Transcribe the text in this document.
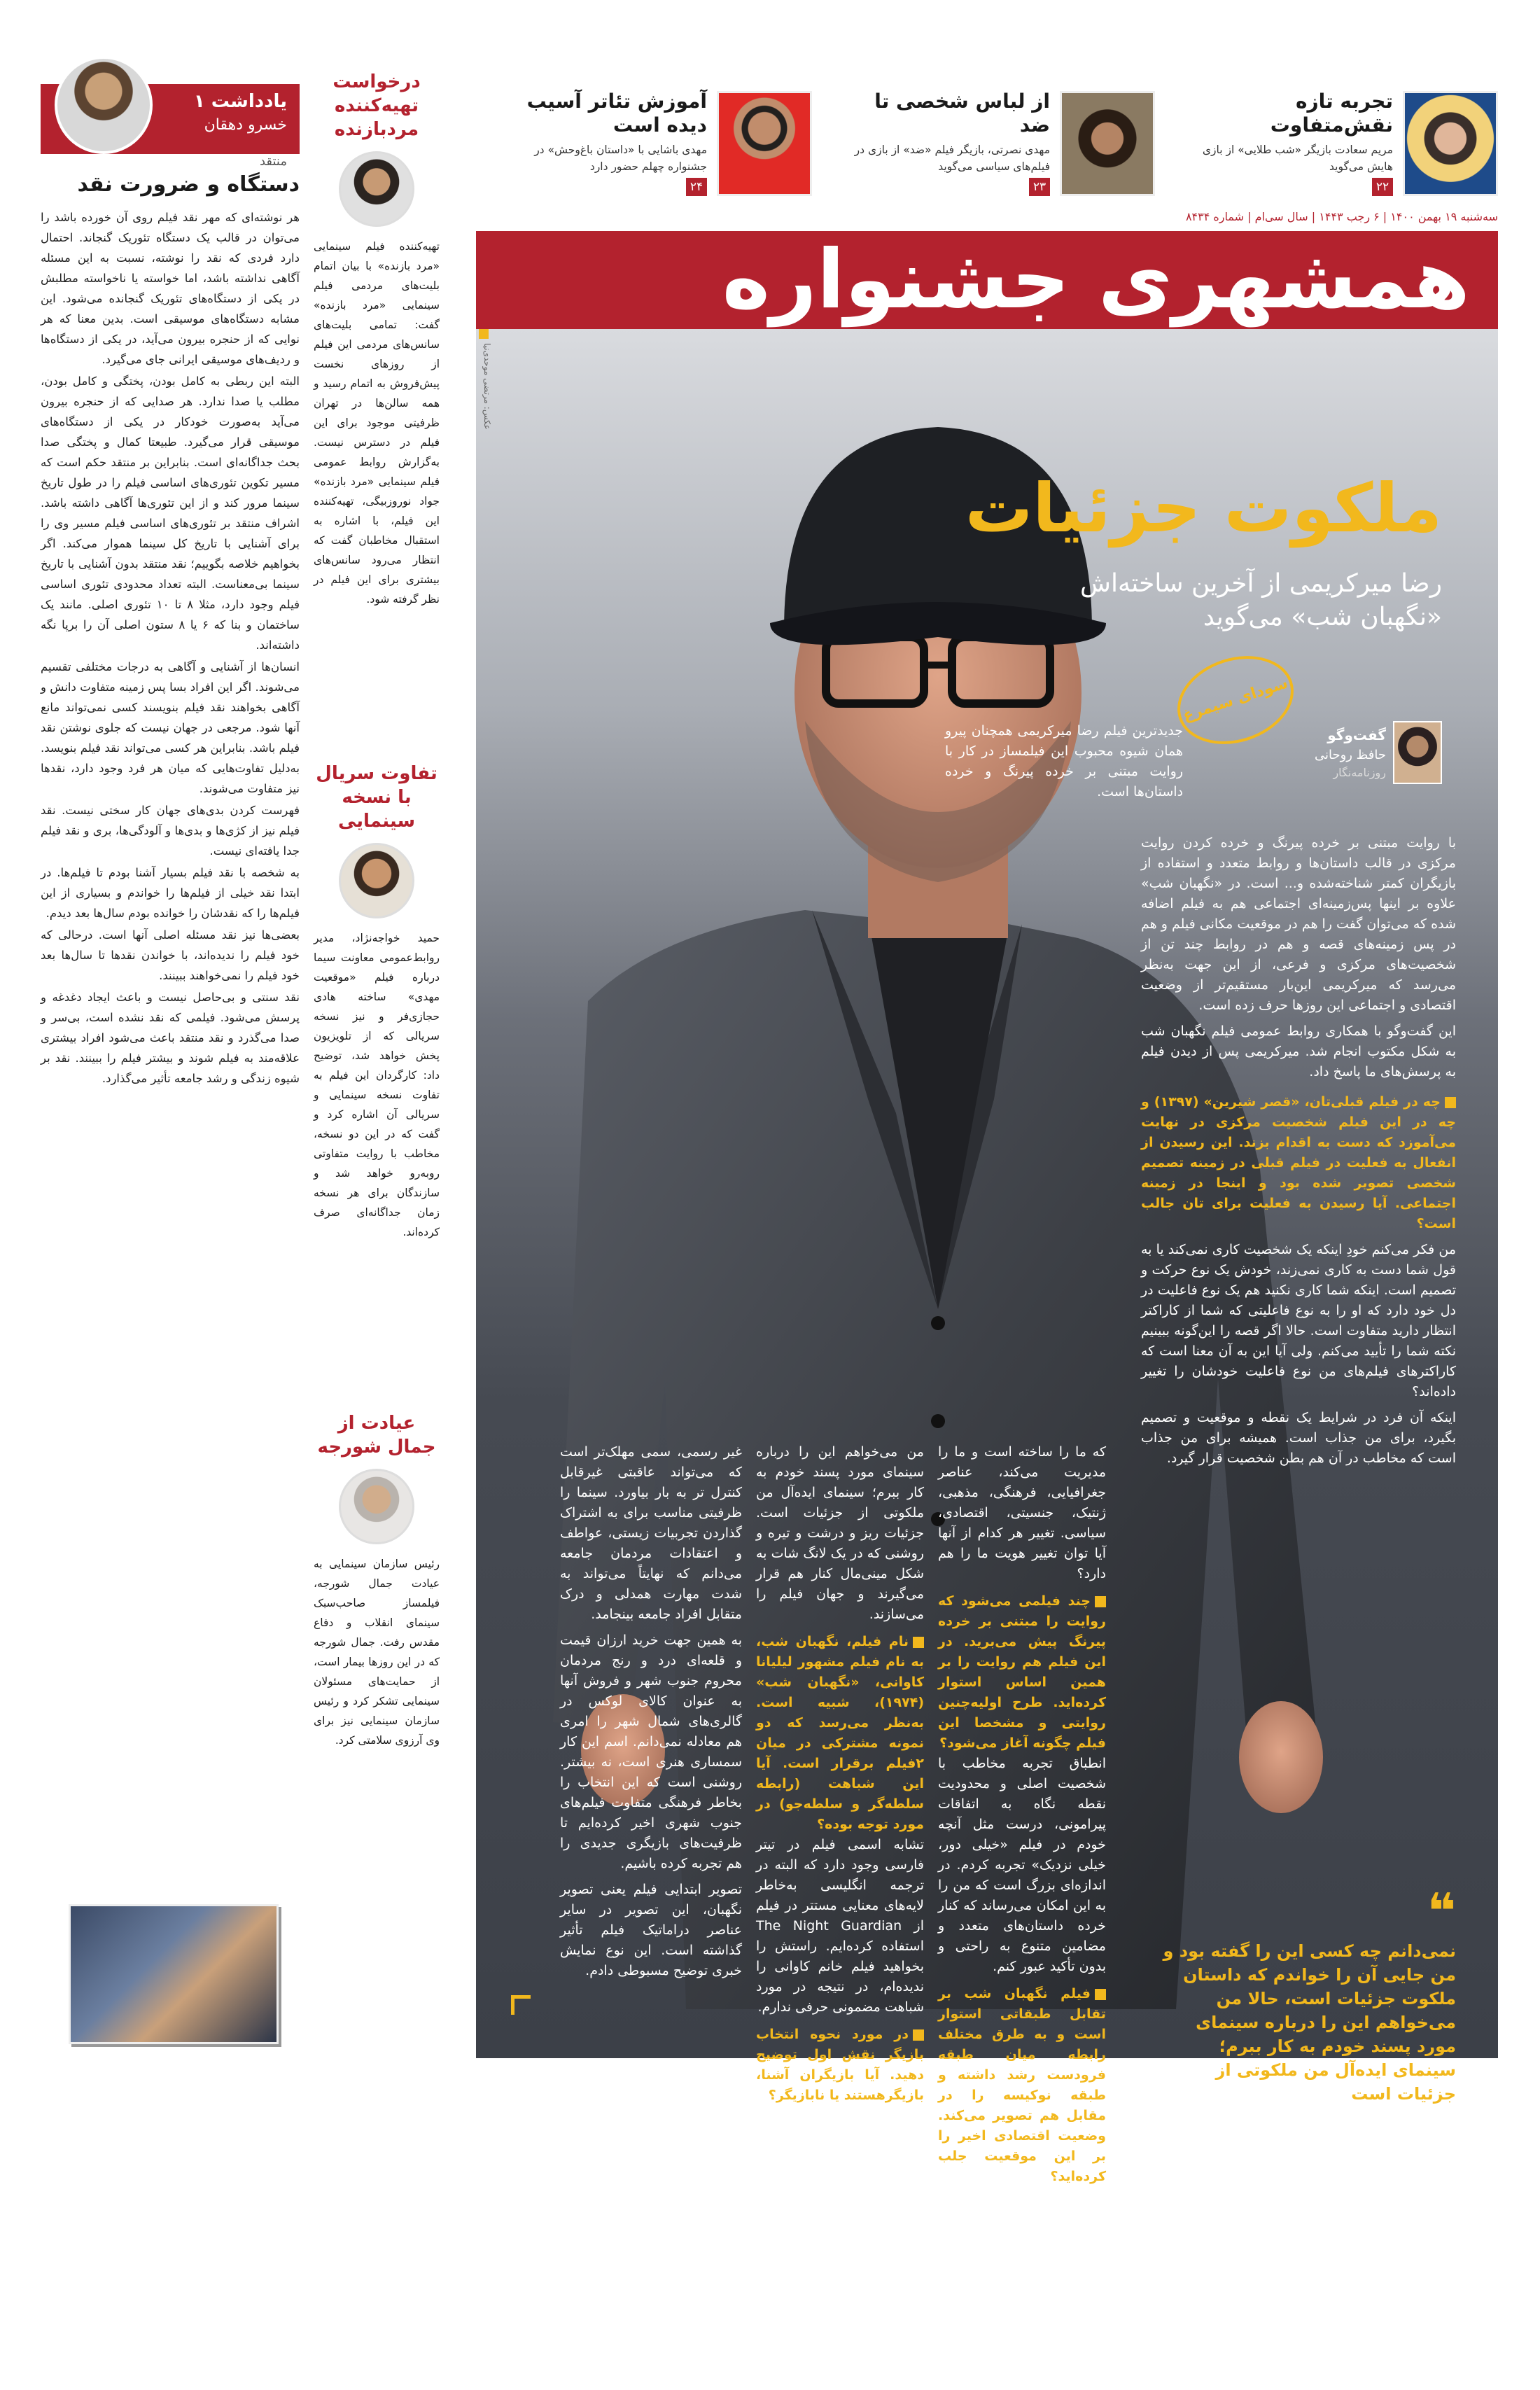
یادداشت ۱
خسرو دهقان
منتقد
دستگاه و ضرورت نقد

هر نوشته‌ای که مهر نقد فیلم روی آن خورده باشد را می‌توان در قالب یک دستگاه تئوریک گنجاند. احتمال دارد فردی که نقد را نوشته، نسبت به این مسئله آگاهی نداشته باشد، اما خواسته یا ناخواسته مطلبش در یکی از دستگاه‌های تئوریک گنجانده می‌شود. این مشابه دستگاه‌های موسیقی است. بدین معنا که هر نوایی که از حنجره بیرون می‌آید، در یکی از دستگاه‌ها و ردیف‌های موسیقی ایرانی جای می‌گیرد.

البته این ربطی به کامل بودن، پختگی و کامل بودن، مطلب یا صدا ندارد. هر صدایی که از حنجره بیرون می‌آید به‌صورت خودکار در یکی از دستگاه‌های موسیقی قرار می‌گیرد. طبیعتا کمال و پختگی صدا بحث جداگانه‌ای است. بنابراین بر منتقد حکم است که مسیر تکوین تئوری‌های اساسی فیلم را در طول تاریخ سینما مرور کند و از این تئوری‌ها آگاهی داشته باشد. اشراف منتقد بر تئوری‌های اساسی فیلم مسیر وی را برای آشنایی با تاریخ کل سینما هموار می‌کند. اگر بخواهیم خلاصه بگوییم؛ نقد منتقد بدون آشنایی با تاریخ سینما بی‌معناست. البته تعداد محدودی تئوری اساسی فیلم وجود دارد، مثلا ۸ تا ۱۰ تئوری اصلی. مانند یک ساختمان و بنا که ۶ یا ۸ ستون اصلی آن را برپا نگه داشته‌اند.

انسان‌ها از آشنایی و آگاهی به درجات مختلفی تقسیم می‌شوند. اگر این افراد بسا پس زمینه متفاوت دانش و آگاهی بخواهند نقد فیلم بنویسند کسی نمی‌تواند مانع آنها شود. مرجعی در جهان نیست که جلوی نوشتن نقد فیلم باشد. بنابراین هر کسی می‌تواند نقد فیلم بنویسد. به‌دلیل تفاوت‌هایی که میان هر فرد وجود دارد، نقدها نیز متفاوت می‌شوند.

فهرست کردن بدی‌های جهان کار سختی نیست. نقد فیلم نیز از کژی‌ها و بدی‌ها و آلودگی‌ها، بری و نقد فیلم جدا یافته‌ای نیست.

به شخصه با نقد فیلم بسیار آشنا بودم تا فیلم‌ها. در ابتدا نقد خیلی از فیلم‌ها را خواندم و بسیاری از این فیلم‌ها را که نقدشان را خوانده بودم سال‌ها بعد دیدم.

بعضی‌ها نیز نقد مسئله اصلی آنها است. درحالی که خود فیلم را ندیده‌اند، با خواندن نقدها تا سال‌ها بعد خود فیلم را نمی‌خواهند ببینند.

نقد سنتی و بی‌حاصل نیست و باعث ایجاد دغدغه و پرسش می‌شود. فیلمی که نقد نشده است، بی‌سر و صدا می‌گذرد و نقد منتقد باعث می‌شود افراد بیشتری علاقه‌مند به فیلم شوند و بیشتر فیلم را ببینند. نقد بر شیوه زندگی و رشد جامعه تأثیر می‌گذارد.

درخواست تهیه‌کننده مردبازنده
تهیه‌کننده فیلم سینمایی «مرد بازنده» با بیان اتمام بلیت‌های مردمی فیلم سینمایی «مرد بازنده» گفت: تمامی بلیت‌های سانس‌های مردمی این فیلم از روزهای نخست پیش‌فروش به اتمام رسید و همه سالن‌ها در تهران ظرفیتی موجود برای این فیلم در دسترس نیست. به‌گزارش روابط عمومی فیلم سینمایی «مرد بازنده» جواد نوروزبیگی، تهیه‌کننده این فیلم، با اشاره به استقبال مخاطبان گفت که انتظار می‌رود سانس‌های بیشتری برای این فیلم در نظر گرفته شود.
تفاوت سریال با نسخه سینمایی
حمید خواجه‌نژاد، مدیر روابط‌عمومی معاونت سیما درباره فیلم «موقعیت مهدی» ساخته هادی حجازی‌فر و نیز نسخه سریالی که از تلویزیون پخش خواهد شد، توضیح داد: کارگردان این فیلم به تفاوت نسخه سینمایی و سریالی آن اشاره کرد و گفت که در این دو نسخه، مخاطب با روایت متفاوتی روبه‌رو خواهد شد و سازندگان برای هر نسخه زمان جداگانه‌ای صرف کرده‌اند.
عیادت از جمال شورجه
رئیس سازمان سینمایی به عیادت جمال شورجه، فیلمساز صاحب‌سبک سینمای انقلاب و دفاع مقدس رفت. جمال شورجه که در این روزها بیمار است، از حمایت‌های مسئولان سینمایی تشکر کرد و رئیس سازمان سینمایی نیز برای وی آرزوی سلامتی کرد.
تجربه تازه نقش‌متفاوت
مریم سعادت بازیگر «شب طلایی» از بازی هایش می‌گوید
۲۲
از لباس شخصی تا ضد
مهدی نصرتی، بازیگر فیلم «ضد» از بازی در فیلم‌های سیاسی می‌گوید
۲۳
آموزش تئاتر آسیب دیده است
مهدی باشایی با «داستان باغ‌وحش» در جشنواره چهلم حضور دارد
۲۴
سه‌شنبه ۱۹ بهمن ۱۴۰۰ | ۶ رجب ۱۴۴۳ | سال سی‌ام | شماره ۸۴۳۴
همشهری جشنواره
عکس: مرتضی موحدی‌نیا
ملکوت جزئیات
رضا میرکریمی از آخرین ساخته‌اش «نگهبان شب» می‌گوید
سودای سیمرغ
گفت‌وگو
حافظ روحانی
روزنامه‌نگار
جدیدترین فیلم رضا میرکریمی همچنان پیرو همان شیوه محبوب این فیلمساز در کار با روایت مبتنی بر خرده پیرنگ و خرده داستان‌ها است.

با روایت مبتنی بر خرده پیرنگ و خرده کردن روایت مرکزی در قالب داستان‌ها و روابط متعدد و استفاده از بازیگران کمتر شناخته‌شده و... است. در «نگهبان شب» علاوه بر اینها پس‌زمینه‌ای اجتماعی هم به فیلم اضافه شده که می‌توان گفت را هم در موقعیت مکانی فیلم و هم در پس زمینه‌های قصه و هم در روابط چند تن از شخصیت‌های مرکزی و فرعی، از این جهت به‌نظر می‌رسد که میرکریمی این‌بار مستقیم‌تر از وضعیت اقتصادی و اجتماعی این روزها حرف زده است.

این گفت‌وگو با همکاری روابط عمومی فیلم نگهبان شب به شکل مکتوب انجام شد. میرکریمی پس از دیدن فیلم به پرسش‌های ما پاسخ داد.

چه در فیلم قبلی‌تان، «قصر شیرین» (۱۳۹۷) و چه در این فیلم شخصیت مرکزی در نهایت می‌آموزد که دست به اقدام بزند. این رسیدن از انفعال به فعلیت در فیلم قبلی در زمینه تصمیم شخصی تصویر شده بود و اینجا در زمینه اجتماعی. آیا رسیدن به فعلیت برای تان جالب است؟

من فکر می‌کنم خودِ اینکه یک شخصیت کاری نمی‌کند یا به قول شما دست به کاری نمی‌زند، خودش یک نوع حرکت و تصمیم است. اینکه شما کاری نکنید هم یک نوع فاعلیت در دل خود دارد که او را به نوع فاعلیتی که شما از کاراکتر انتظار دارید متفاوت است. حالا اگر قصه را این‌گونه ببینیم نکته شما را تأیید می‌کنم. ولی آیا این به آن معنا است که کاراکترهای فیلم‌های من نوع فاعلیت خودشان را تغییر داده‌اند؟

اینکه آن فرد در شرایط یک نقطه و موقعیت و تصمیم بگیرد، برای من جذاب است. همیشه برای من جذاب است که مخاطب در آن هم بطن شخصیت قرار گیرد.

که ما را ساخته است و ما را مدیریت می‌کند، عناصر جغرافیایی، فرهنگی، مذهبی، ژنتیک، جنسیتی، اقتصادی، سیاسی. تغییر هر کدام از آنها آیا توان تغییر هویت ما را هم دارد؟

چند فیلمی می‌شود که روایت را مبتنی بر خرده پیرنگ پیش می‌برید. در این فیلم هم روایت را بر همین اساس استوار کرده‌اید. طرح اولیه‌چنین روایتی و مشخصا این فیلم چگونه آغاز می‌شود؟

انطباق تجربه مخاطب با شخصیت اصلی و محدودیت نقطه نگاه به اتفاقات پیرامونی، درست مثل آنچه خودم در فیلم «خیلی دور، خیلی نزدیک» تجربه کردم. در اندازه‌ای بزرگ است که من را به این امکان می‌رساند که کنار خرده داستان‌های متعدد و مضامین متنوع به راحتی و بدون تأکید عبور کنم.

فیلم نگهبان شب بر تقابل طبقاتی استوار است و به طرق مختلف رابطه میان طبقه فرودست رشد داشته و طبقه نوکیسه را در مقابل هم تصویر می‌کند. وضعیت اقتصادی اخیر را بر این موقعیت جلب کرده‌اید؟

از نظر بسیاری از تحلیلگران منصف، تشدید اختلاف طبقاتی در سال‌های اخیر، جامعه را آبستن حوادث غیرمترقبه و هولناکی می‌کند. من هم موافقم، ولی به‌نظرم دامن زدن به این شکاف و توزیع بی‌رویه تنفر در میان طبقات مختلف جامعه توسط رسانه‌های رسمی و

من می‌خواهم این را درباره سینمای مورد پسند خودم به کار ببرم؛ سینمای ایده‌آل من ملکوتی از جزئیات است. جزئیات ریز و درشت و تیره و روشنی که در یک لانگ شات به شکل مینی‌مال کنار هم قرار می‌گیرند و جهان فیلم را می‌سازند.

نام فیلم، نگهبان شب، به نام فیلم مشهور لیلیانا کاوانی، «نگهبان شب» (۱۹۷۴)، شبیه است. به‌نظر می‌رسد که دو نمونه مشترکی در میان ۲فیلم برقرار است. آیا این شباهت (رابطه سلطه‌گر و سلطه‌جو) در مورد توجه بوده؟

تشابه اسمی فیلم در تیتر فارسی وجود دارد که البته در ترجمه انگلیسی به‌خاطر لایه‌های معنایی مستتر در فیلم از The Night Guardian استفاده کرده‌ایم. راستش را بخواهید فیلم خانم کاوانی را ندیده‌ام، در نتیجه در مورد شباهت مضمونی حرفی ندارم.

در مورد نحوه انتخاب بازیگر نقش اول توضیح دهید. آیا بازیگران آشنا، بازیگرهستند یا نابازیگر؟

برای من این فیلم چیزی به نام نابازیگر نداریم! ما بازیگران شناخته شده و با بازیگران کمتر شناخته‌شده را در این فیلم داریم. بازیگر اصلی فیلم در کنار بازیگران شناخته‌شده، به خوبی ایفای نقش کرد و این نحوه انتخاب بازیگران در کنار بازیگران شناخته‌شده همیشه برای من جذاب است.

غیر رسمی، سمی مهلک‌تر است که می‌تواند عاقبتی غیرقابل کنترل تر به بار بیاورد. سینما را ظرفیتی مناسب برای به اشتراک گذاردن تجربیات زیستی، عواطف و اعتقادات مردمان جامعه می‌دانم که نهایتاً می‌تواند به شدت مهارت همدلی و درک متقابل افراد جامعه بینجامد.

به همین جهت خرید ارزان قیمت و قلعه‌ای درد و رنج مردمان محروم جنوب شهر و فروش آنها به عنوان کالای لوکس در گالری‌های شمال شهر را امری هم معادله نمی‌دانم. اسم این کار سمساری هنری است، نه بیشتر. روشنی است که این انتخاب را بخاطر فرهنگی متفاوت فیلم‌های جنوب شهری اخیر کرده‌ایم تا ظرفیت‌های بازیگری جدیدی را هم تجربه کرده باشیم.

تصویر ابتدایی فیلم یعنی تصویر نگهبان، این تصویر در سایر عناصر دراماتیک فیلم تأثیر گذاشته است. این نوع نمایش خبری توضیح مسبوطی دادم.

❝
نمی‌دانم چه کسی این را گفته بود و من جایی آن را خواندم که داستان ملکوت جزئیات است، حالا من می‌خواهم این را درباره سینمای مورد پسند خودم به کار ببرم؛ سینمای ایده‌آل من ملکوتی از جزئیات است
